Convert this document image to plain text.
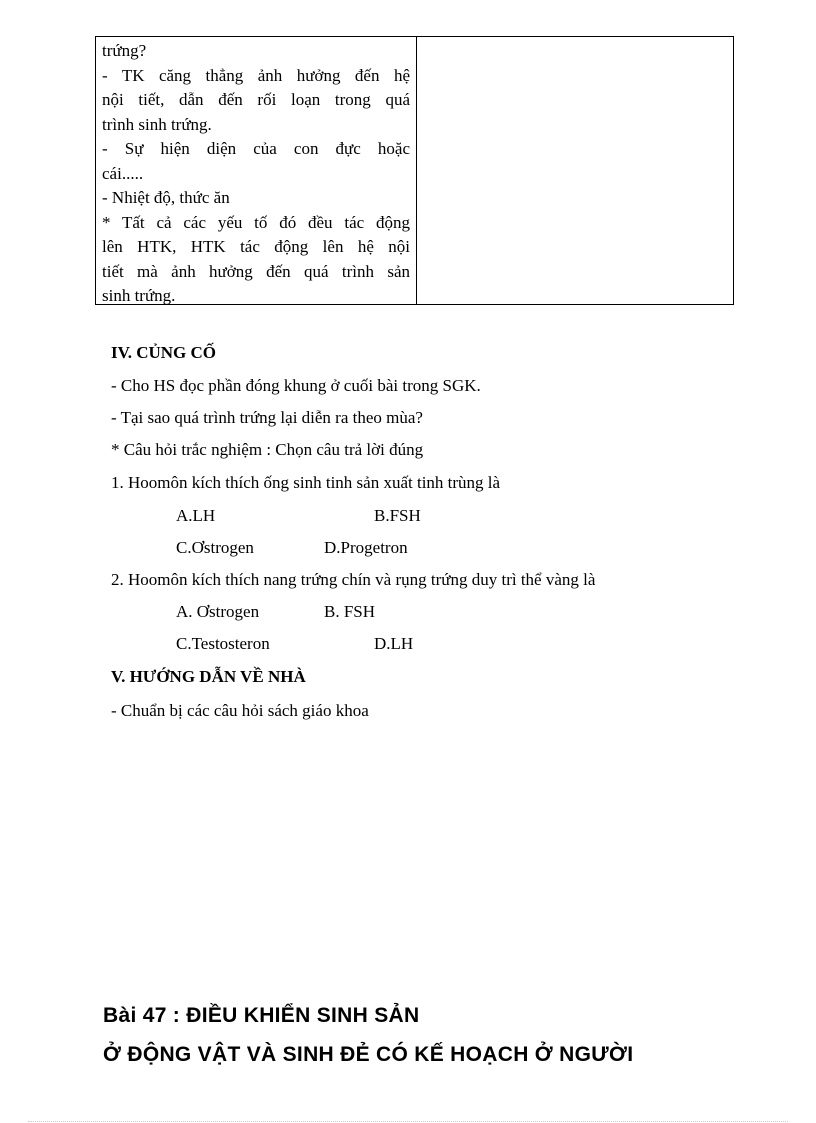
trứng?
- TK căng thẳng ảnh hưởng đến hệ
nội tiết, dẫn đến rối loạn trong quá
trình sinh trứng.
- Sự hiện diện của con đực hoặc
cái.....
- Nhiệt độ, thức ăn
* Tất cả các yếu tố đó đều tác động
lên HTK, HTK tác động lên hệ nội
tiết mà ảnh hưởng đến quá trình sản
sinh trứng.
IV. CỦNG CỐ
- Cho HS đọc phần đóng khung ở cuối bài trong SGK.
- Tại sao quá trình trứng lại diễn ra theo mùa?
* Câu hỏi trắc nghiệm : Chọn câu trả lời đúng
1. Hoomôn kích thích ống sinh tinh sản xuất tinh trùng là
A.LH	B.FSH
C.Ơstrogen	D.Progetron
2. Hoomôn kích thích nang trứng chín và rụng trứng duy trì thể vàng là
A. Ơstrogen	B. FSH
C.Testosteron	D.LH
V. HƯỚNG DẪN VỀ NHÀ
- Chuẩn bị các câu hỏi sách giáo khoa
Bài 47 : ĐIỀU KHIỂN SINH SẢN
Ở ĐỘNG VẬT VÀ SINH ĐẺ CÓ KẾ HOẠCH Ở NGƯỜI
